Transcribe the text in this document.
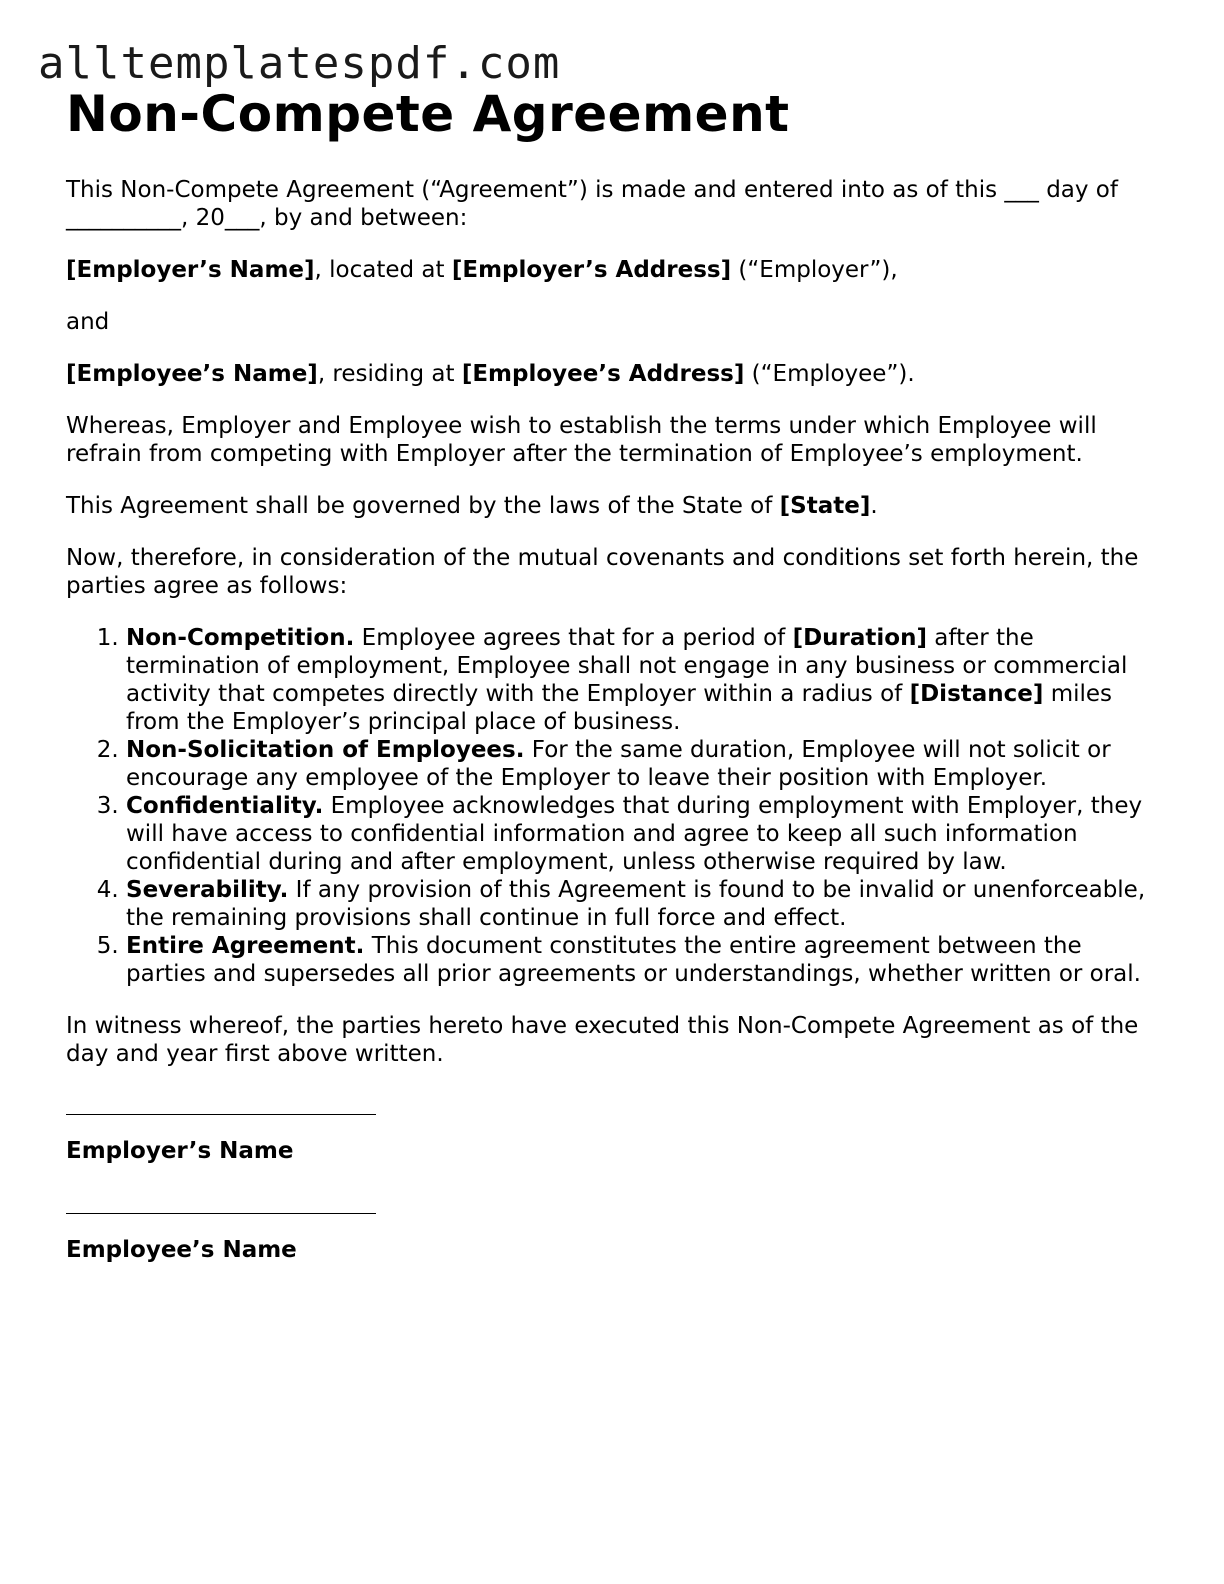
alltemplatespdf.com
Non-Compete Agreement

This Non-Compete Agreement (“Agreement”) is made and entered into as of this ___ day of __________, 20___, by and between:

[Employer’s Name], located at [Employer’s Address] (“Employer”),

and

[Employee’s Name], residing at [Employee’s Address] (“Employee”).

Whereas, Employer and Employee wish to establish the terms under which Employee will refrain from competing with Employer after the termination of Employee’s employment.

This Agreement shall be governed by the laws of the State of [State].

Now, therefore, in consideration of the mutual covenants and conditions set forth herein, the parties agree as follows:

1. Non-Competition. Employee agrees that for a period of [Duration] after the termination of employment, Employee shall not engage in any business or commercial activity that competes directly with the Employer within a radius of [Distance] miles from the Employer’s principal place of business.
2. Non-Solicitation of Employees. For the same duration, Employee will not solicit or encourage any employee of the Employer to leave their position with Employer.
3. Confidentiality. Employee acknowledges that during employment with Employer, they will have access to confidential information and agree to keep all such information confidential during and after employment, unless otherwise required by law.
4. Severability. If any provision of this Agreement is found to be invalid or unenforceable, the remaining provisions shall continue in full force and effect.
5. Entire Agreement. This document constitutes the entire agreement between the parties and supersedes all prior agreements or understandings, whether written or oral.

In witness whereof, the parties hereto have executed this Non-Compete Agreement as of the day and year first above written.

Employer’s Name
Employee’s Name
